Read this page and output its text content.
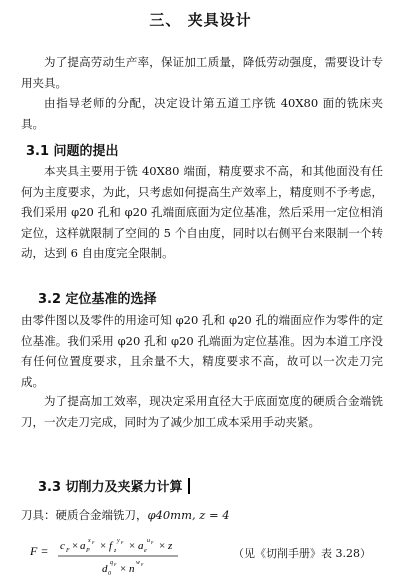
三、 夹具设计

为了提高劳动生产率，保证加工质量，降低劳动强度，需要设计专用夹具。

由指导老师的分配，决定设计第五道工序铣 40X80 面的铣床夹具。

3.1 问题的提出

本夹具主要用于铣 40X80 端面，精度要求不高，和其他面没有任何为主度要求，为此，只考虑如何提高生产效率上，精度则不予考虑，我们采用 φ20 孔和 φ20 孔端面底面为定位基准，然后采用一定位相消定位，这样就限制了空间的 5 个自由度，同时以右侧平台来限制一个转动，达到 6 自由度完全限制。

3.2 定位基准的选择

由零件图以及零件的用途可知 φ20 孔和 φ20 孔的端面应作为零件的定位基准。我们采用 φ20 孔和 φ20 孔端面为定位基准。因为本道工序没有任何位置度要求，且余量不大，精度要求不高，故可以一次走刀完成。

为了提高加工效率，现决定采用直径大于底面宽度的硬质合金端铣刀，一次走刀完成，同时为了减少加工成本采用手动夹紧。

3.3 切削力及夹紧力计算
刀具：硬质合金端铣刀，φ40mm, z = 4
F = c F × a P
x F × f z
y F × a e
u F × z
d 0
q F × n w F
（见《切削手册》表 3.28）
